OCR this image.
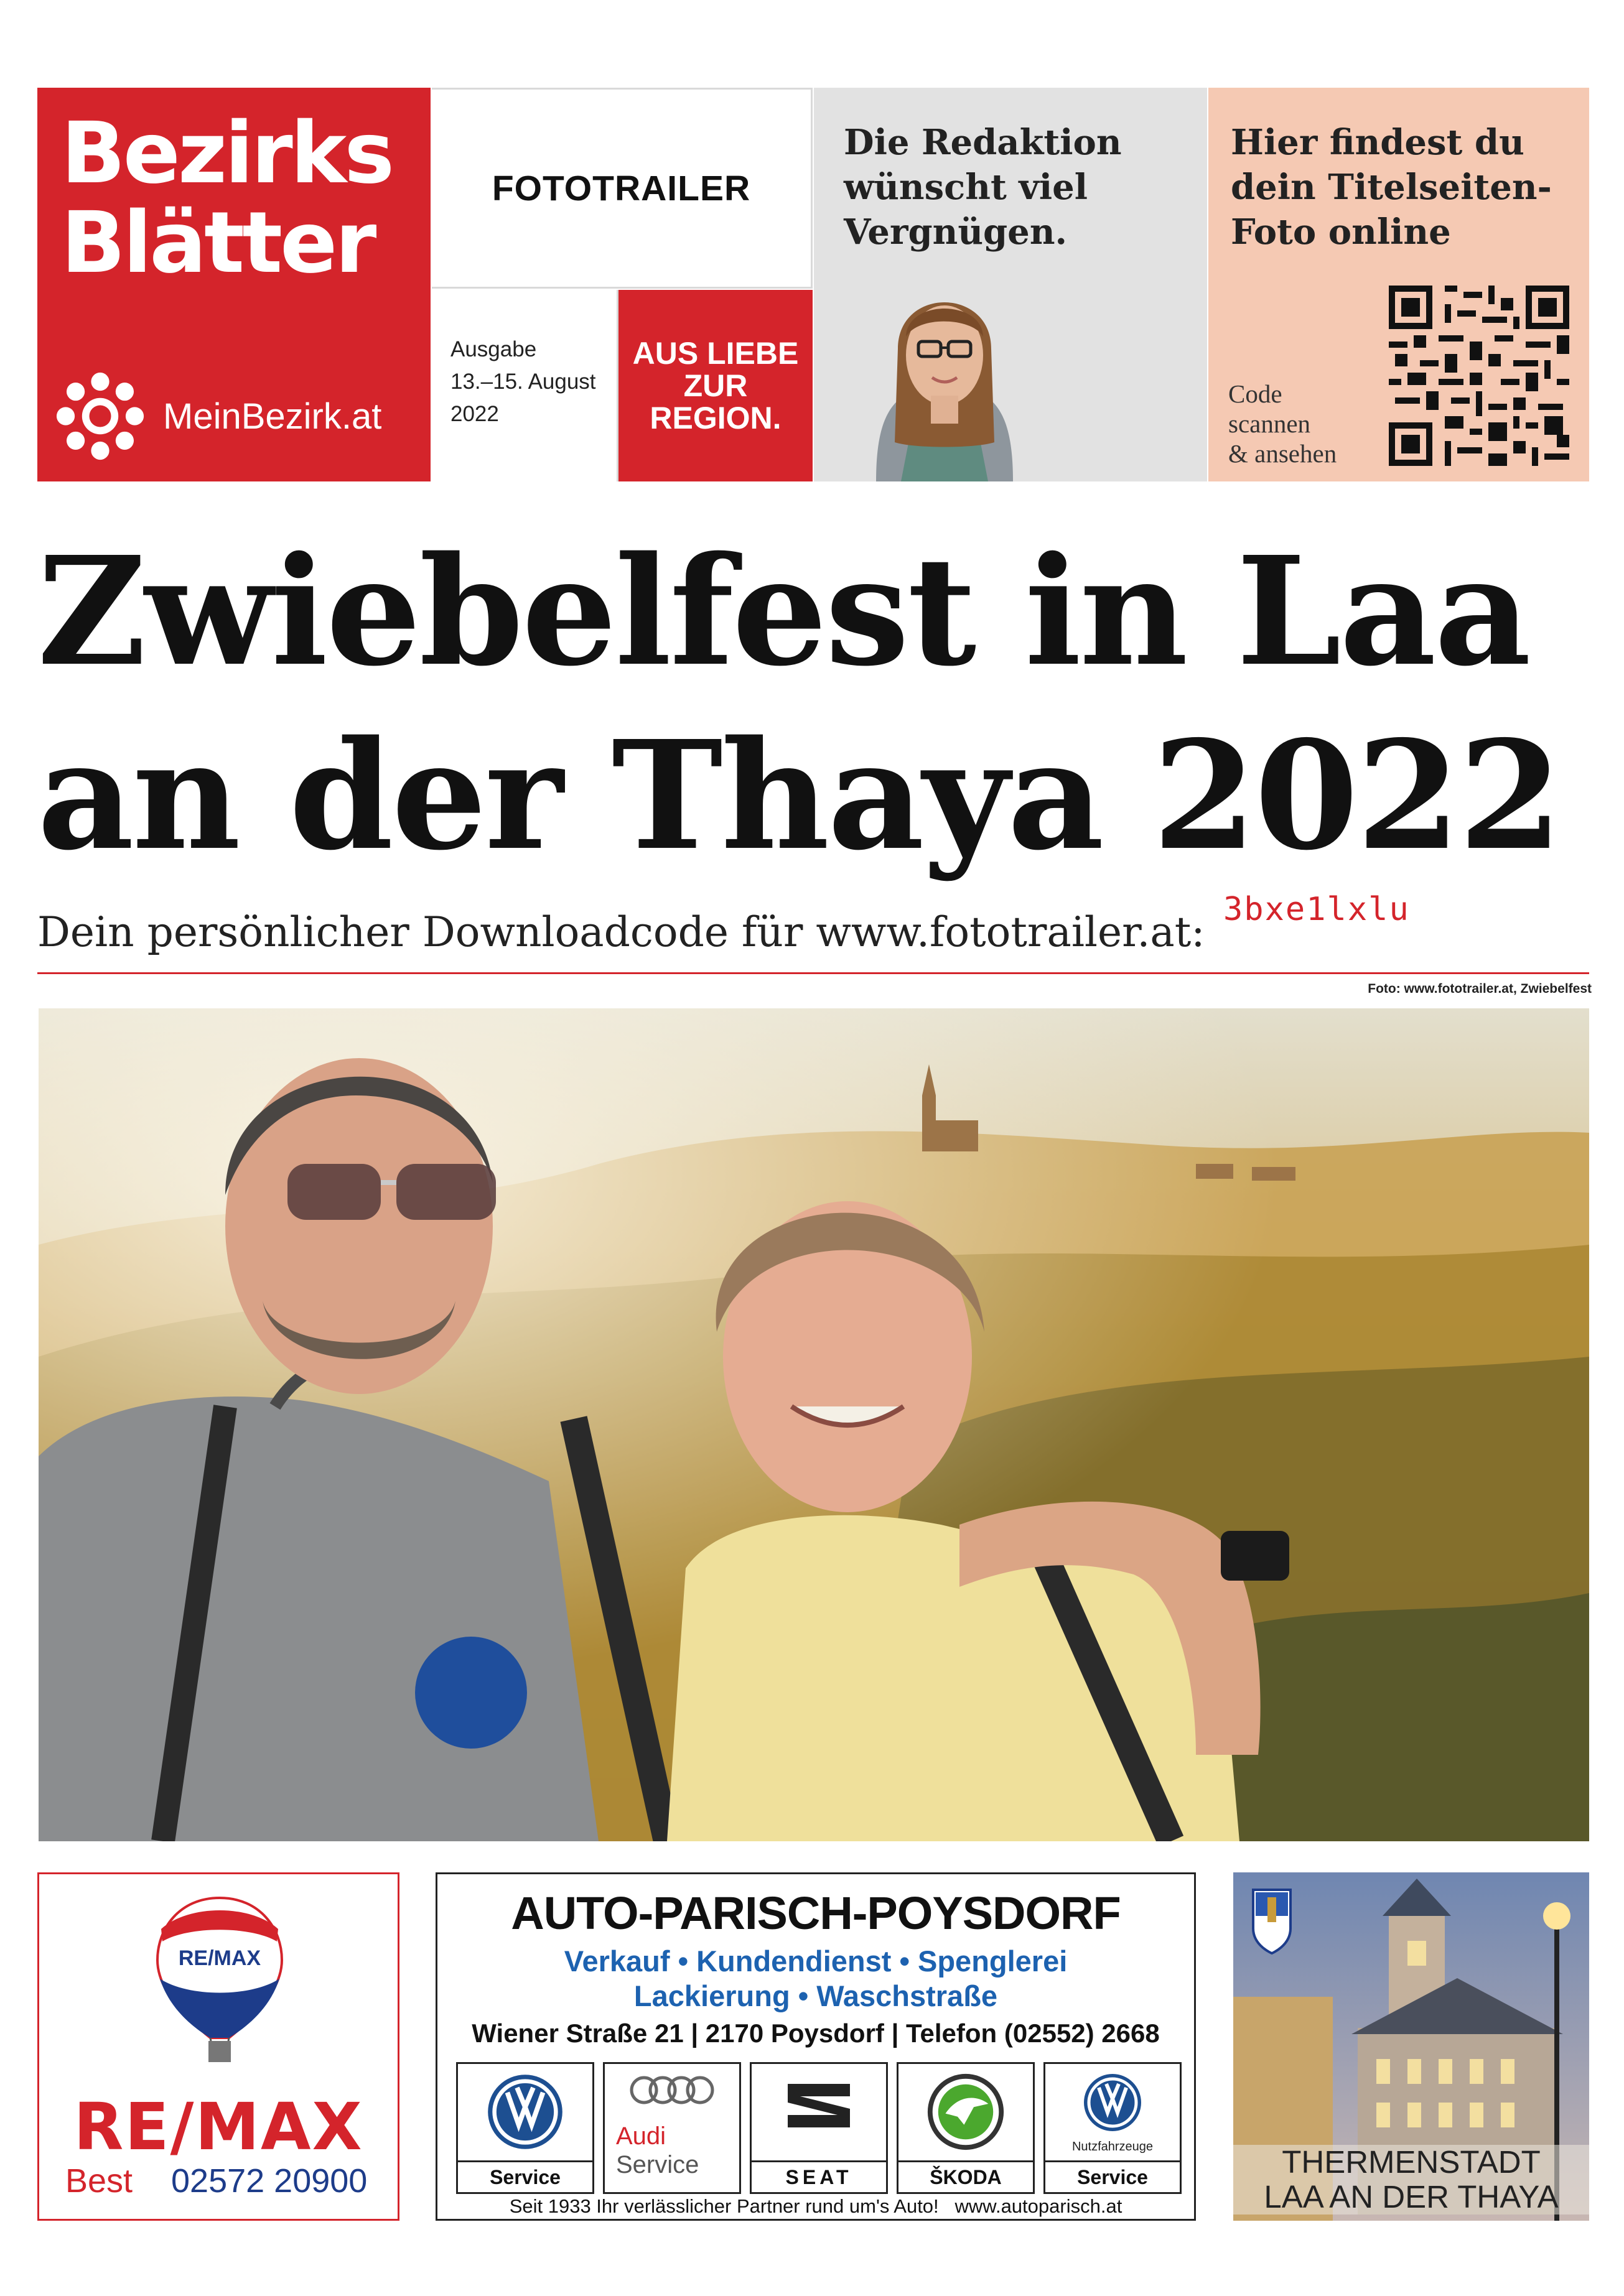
Bezirks
Blätter
MeinBezirk.at
FOTOTRAILER
Ausgabe
13.–15. August
2022
AUS LIEBE
ZUR
REGION.
Die Redaktion
wünscht viel
Vergnügen.
Hier findest du
dein Titelseiten-
Foto online
Code
scannen
& ansehen
Zwiebelfest in Laa
an der Thaya 2022
Dein persönlicher Downloadcode für www.fototrailer.at: 3bxe1lxlu
Foto: www.fototrailer.at, Zwiebelfest
RE/MAX
RE/MAX
Best 02572 20900
AUTO-PARISCH-POYSDORF
Verkauf • Kundendienst • Spenglerei
Lackierung • Waschstraße
Wiener Straße 21 | 2170 Poysdorf | Telefon (02552) 2668
Service
Audi
Service	SEAT	ŠKODA
Nutzfahrzeuge
Service
Seit 1933 Ihr verlässlicher Partner rund um's Auto!   www.autoparisch.at
THERMENSTADT
LAA AN DER THAYA
